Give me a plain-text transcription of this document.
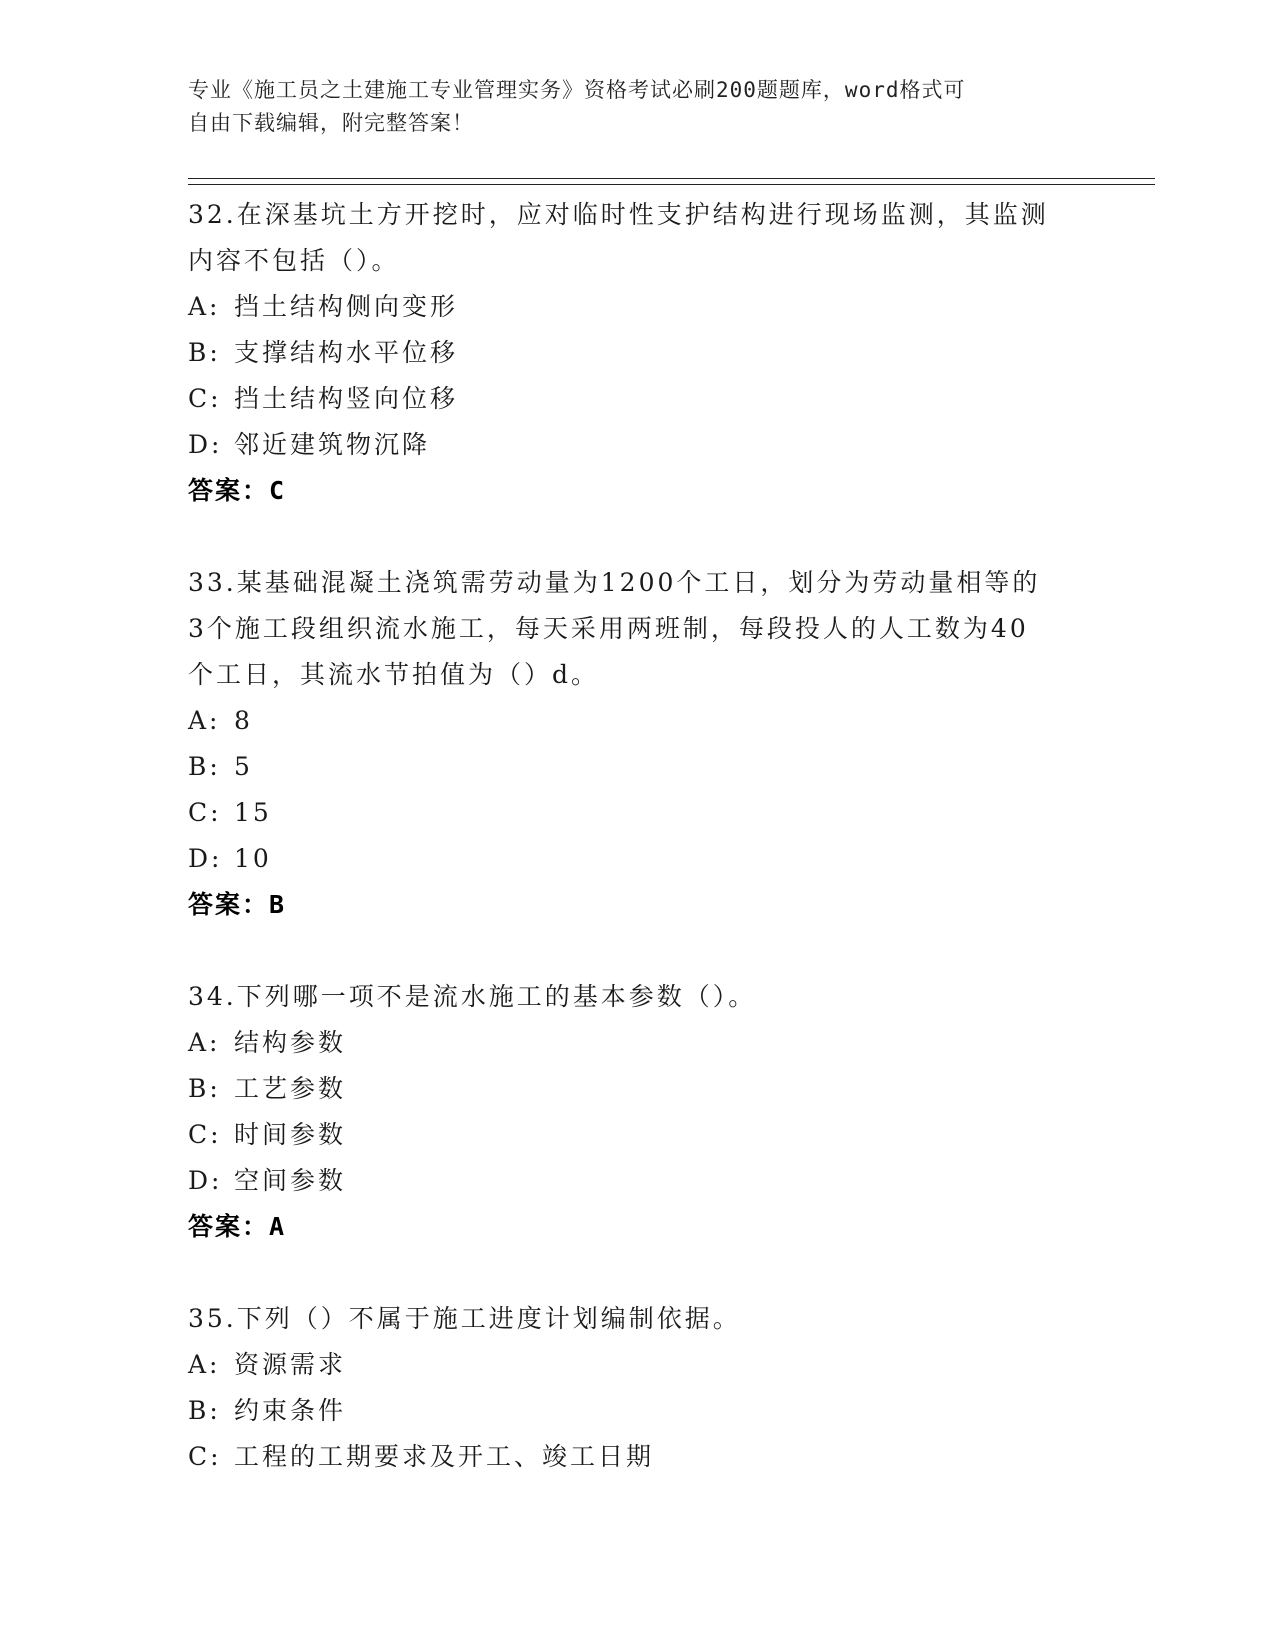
专业《施工员之土建施工专业管理实务》资格考试必刷200题题库，word格式可
自由下载编辑，附完整答案！
32.在深基坑土方开挖时，应对临时性支护结构进行现场监测，其监测
内容不包括（）。
A: 挡土结构侧向变形
B: 支撑结构水平位移
C: 挡土结构竖向位移
D: 邻近建筑物沉降
答案：C
33.某基础混凝土浇筑需劳动量为1200个工日，划分为劳动量相等的
3个施工段组织流水施工，每天采用两班制，每段投人的人工数为40
个工日，其流水节拍值为（）d。
A: 8
B: 5
C: 15
D: 10
答案：B
34.下列哪一项不是流水施工的基本参数（）。
A: 结构参数
B: 工艺参数
C: 时间参数
D: 空间参数
答案：A
35.下列（）不属于施工进度计划编制依据。
A: 资源需求
B: 约束条件
C: 工程的工期要求及开工、竣工日期
